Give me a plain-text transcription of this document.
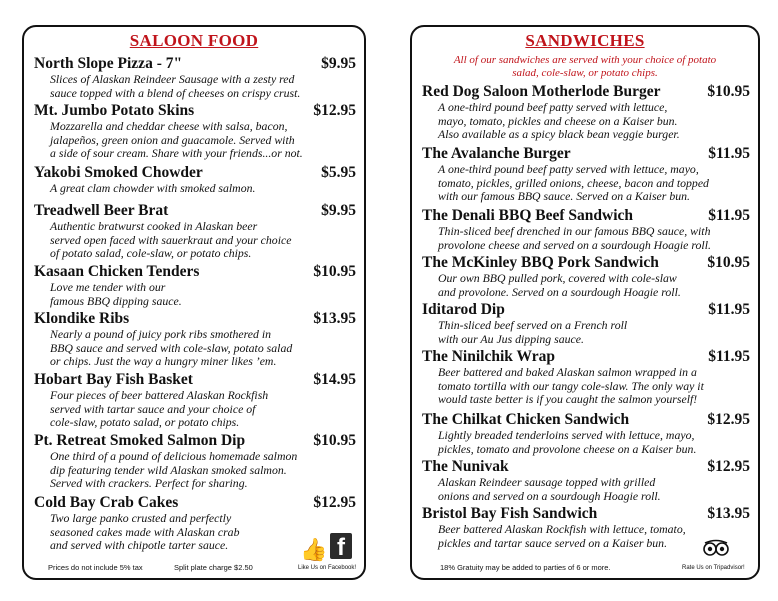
SALOON FOOD
North Slope Pizza - 7"	$9.95
Slices of Alaskan Reindeer Sausage with a zesty red
sauce topped with a blend of cheeses on crispy crust.
Mt. Jumbo Potato Skins	$12.95
Mozzarella and cheddar cheese with salsa, bacon,
jalapeños, green onion and guacamole. Served with
a side of sour cream. Share with your friends...or not.
Yakobi Smoked Chowder	$5.95
A great clam chowder with smoked salmon.
Treadwell Beer Brat	$9.95
Authentic bratwurst cooked in Alaskan beer
served open faced with sauerkraut and your choice
of potato salad, cole-slaw, or potato chips.
Kasaan Chicken Tenders	$10.95
Love me tender with our
famous BBQ dipping sauce.
Klondike Ribs	$13.95
Nearly a pound of juicy pork ribs smothered in
BBQ sauce and served with cole-slaw, potato salad
or chips. Just the way a hungry miner likes ’em.
Hobart Bay Fish Basket	$14.95
Four pieces of beer battered Alaskan Rockfish
served with tartar sauce and your choice of
cole-slaw, potato salad, or potato chips.
Pt. Retreat Smoked Salmon Dip	$10.95
One third of a pound of delicious homemade salmon
dip featuring tender wild Alaskan smoked salmon.
Served with crackers. Perfect for sharing.
Cold Bay Crab Cakes	$12.95
Two large panko crusted and perfectly
seasoned cakes made with Alaskan crab
and served with chipotle tarter sauce.
Prices do not include 5% tax	Split plate charge $2.50
👍 f
Like Us on Facebook!
SANDWICHES
All of our sandwiches are served with your choice of potato
salad, cole-slaw, or potato chips.
Red Dog Saloon Motherlode Burger	$10.95
A one-third pound beef patty served with lettuce,
mayo, tomato, pickles and cheese on a Kaiser bun.
Also available as a spicy black bean veggie burger.
The Avalanche Burger	$11.95
A one-third pound beef patty served with lettuce, mayo,
tomato, pickles, grilled onions, cheese, bacon and topped
with our famous BBQ sauce. Served on a Kaiser bun.
The Denali BBQ Beef Sandwich	$11.95
Thin-sliced beef drenched in our famous BBQ sauce, with
provolone cheese and served on a sourdough Hoagie roll.
The McKinley BBQ Pork Sandwich	$10.95
Our own BBQ pulled pork, covered with cole-slaw
and provolone. Served on a sourdough Hoagie roll.
Iditarod Dip	$11.95
Thin-sliced beef served on a French roll
with our Au Jus dipping sauce.
The Ninilchik Wrap	$11.95
Beer battered and baked Alaskan salmon wrapped in a
tomato tortilla with our tangy cole-slaw. The only way it
would taste better is if you caught the salmon yourself!
The Chilkat Chicken Sandwich	$12.95
Lightly breaded tenderloins served with lettuce, mayo,
pickles, tomato and provolone cheese on a Kaiser bun.
The Nunivak	$12.95
Alaskan Reindeer sausage topped with grilled
onions and served on a sourdough Hoagie roll.
Bristol Bay Fish Sandwich	$13.95
Beer battered Alaskan Rockfish with lettuce, tomato,
pickles and tartar sauce served on a Kaiser bun.
18% Gratuity may be added to parties of 6 or more.	Rate Us on Tripadvisor!
